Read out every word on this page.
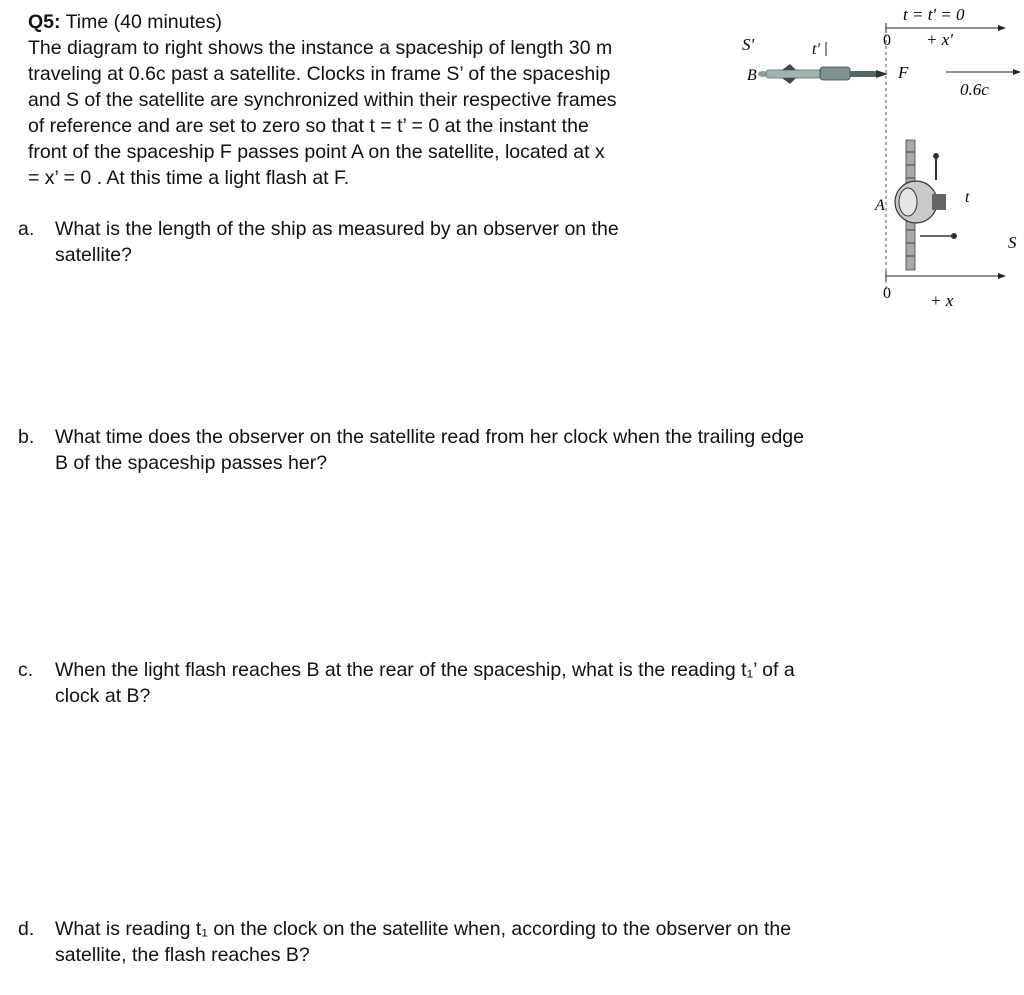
Q5: Time (40 minutes)
The diagram to right shows the instance a spaceship of length 30 m
traveling at 0.6c past a satellite. Clocks in frame S’ of the spaceship
and S of the satellite are synchronized within their respective frames
of reference and are set to zero so that t = t’ = 0 at the instant the
front of the spaceship F passes point A on the satellite, located at x
= x’ = 0 . At this time a light flash at F.
a. What is the length of the ship as measured by an observer on the
satellite?
b. What time does the observer on the satellite read from her clock when the trailing edge
B of the spaceship passes her?
c. When the light flash reaches B at the rear of the spaceship, what is the reading t₁’ of a
clock at B?
d. What is reading t₁ on the clock on the satellite when, according to the observer on the
satellite, the flash reaches B?
t = t' = 0
0 + x'
S'	t'
B	F
0.6c
A	t
S
0 + x
